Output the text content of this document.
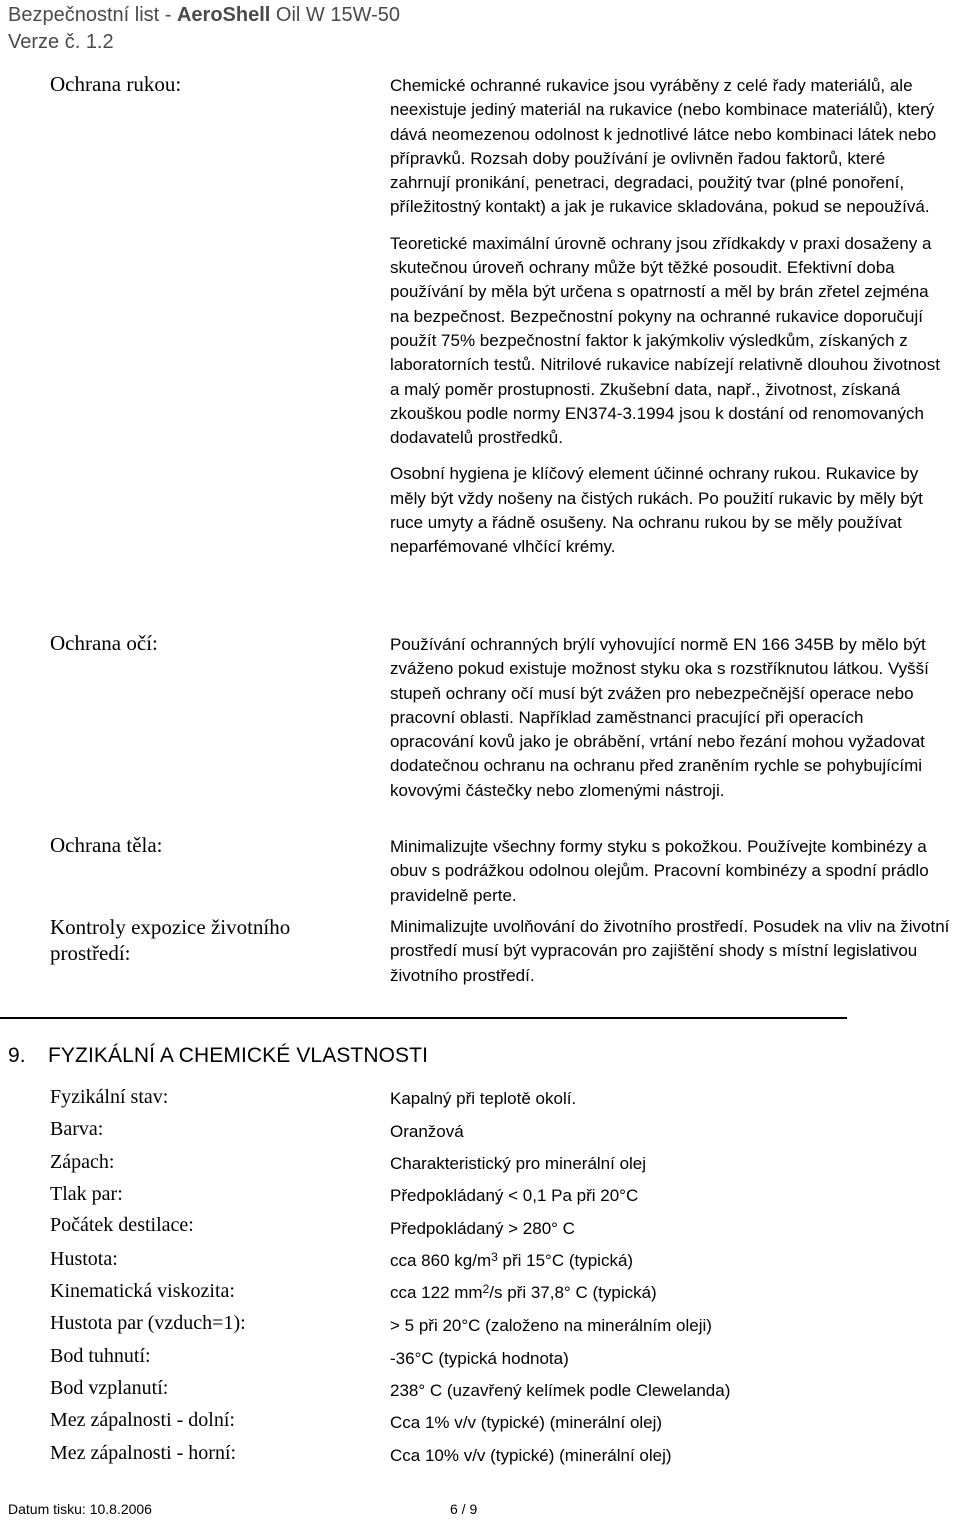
Bezpečnostní list - AeroShell Oil W 15W-50
Verze č. 1.2
Ochrana rukou:	Chemické ochranné rukavice jsou vyráběny z celé řady materiálů, ale neexistuje jediný materiál na rukavice (nebo kombinace materiálů), který dává neomezenou odolnost k jednotlivé látce nebo kombinaci látek nebo přípravků. Rozsah doby používání je ovlivněn řadou faktorů, které zahrnují pronikání, penetraci, degradaci, použitý tvar (plné ponoření, příležitostný kontakt) a jak je rukavice skladována, pokud se nepoužívá.

Teoretické maximální úrovně ochrany jsou zřídkakdy v praxi dosaženy a skutečnou úroveň ochrany může být těžké posoudit. Efektivní doba používání by měla být určena s opatrností a měl by brán zřetel zejména na bezpečnost. Bezpečnostní pokyny na ochranné rukavice doporučují použít 75% bezpečnostní faktor k jakýmkoliv výsledkům, získaných z laboratorních testů. Nitrilové rukavice nabízejí relativně dlouhou životnost a malý poměr prostupnosti. Zkušební data, např., životnost, získaná zkouškou podle normy EN374-3.1994 jsou k dostání od renomovaných dodavatelů prostředků.

Osobní hygiena je klíčový element účinné ochrany rukou. Rukavice by měly být vždy nošeny na čistých rukách. Po použití rukavic by měly být ruce umyty a řádně osušeny. Na ochranu rukou by se měly používat neparfémované vlhčící krémy.

Ochrana očí:	Používání ochranných brýlí vyhovující normě EN 166 345B by mělo být zváženo pokud existuje možnost styku oka s rozstříknutou látkou. Vyšší stupeň ochrany očí musí být zvážen pro nebezpečnější operace nebo pracovní oblasti. Například zaměstnanci pracující při operacích opracování kovů jako je obrábění, vrtání nebo řezání mohou vyžadovat dodatečnou ochranu na ochranu před zraněním rychle se pohybujícími kovovými částečky nebo zlomenými nástroji.
Ochrana těla:	Minimalizujte všechny formy styku s pokožkou. Používejte kombinézy a obuv s podrážkou odolnou olejům. Pracovní kombinézy a spodní prádlo pravidelně perte.
Kontroly expozice životního
prostředí:
Minimalizujte uvolňování do životního prostředí. Posudek na vliv na životní prostředí musí být vypracován pro zajištění shody s místní legislativou životního prostředí.
9. FYZIKÁLNÍ A CHEMICKÉ VLASTNOSTI
Fyzikální stav:	Kapalný při teplotě okolí.
Barva:	Oranžová
Zápach:	Charakteristický pro minerální olej
Tlak par:	Předpokládaný < 0,1 Pa při 20°C
Počátek destilace:	Předpokládaný > 280° C
Hustota:	cca 860 $kg/m^3$ při 15°C (typická)
Kinematická viskozita:	cca 122 $mm^2/s$ při 37,8° C (typická)
Hustota par (vzduch=1):	> 5 při 20°C (založeno na minerálním oleji)
Bod tuhnutí:	-36°C (typická hodnota)
Bod vzplanutí:	238° C (uzavřený kelímek podle Clewelanda)
Mez zápalnosti - dolní:	Cca 1% v/v (typické) (minerální olej)
Mez zápalnosti - horní:	Cca 10% v/v (typické) (minerální olej)
Datum tisku: 10.8.2006	6 / 9
